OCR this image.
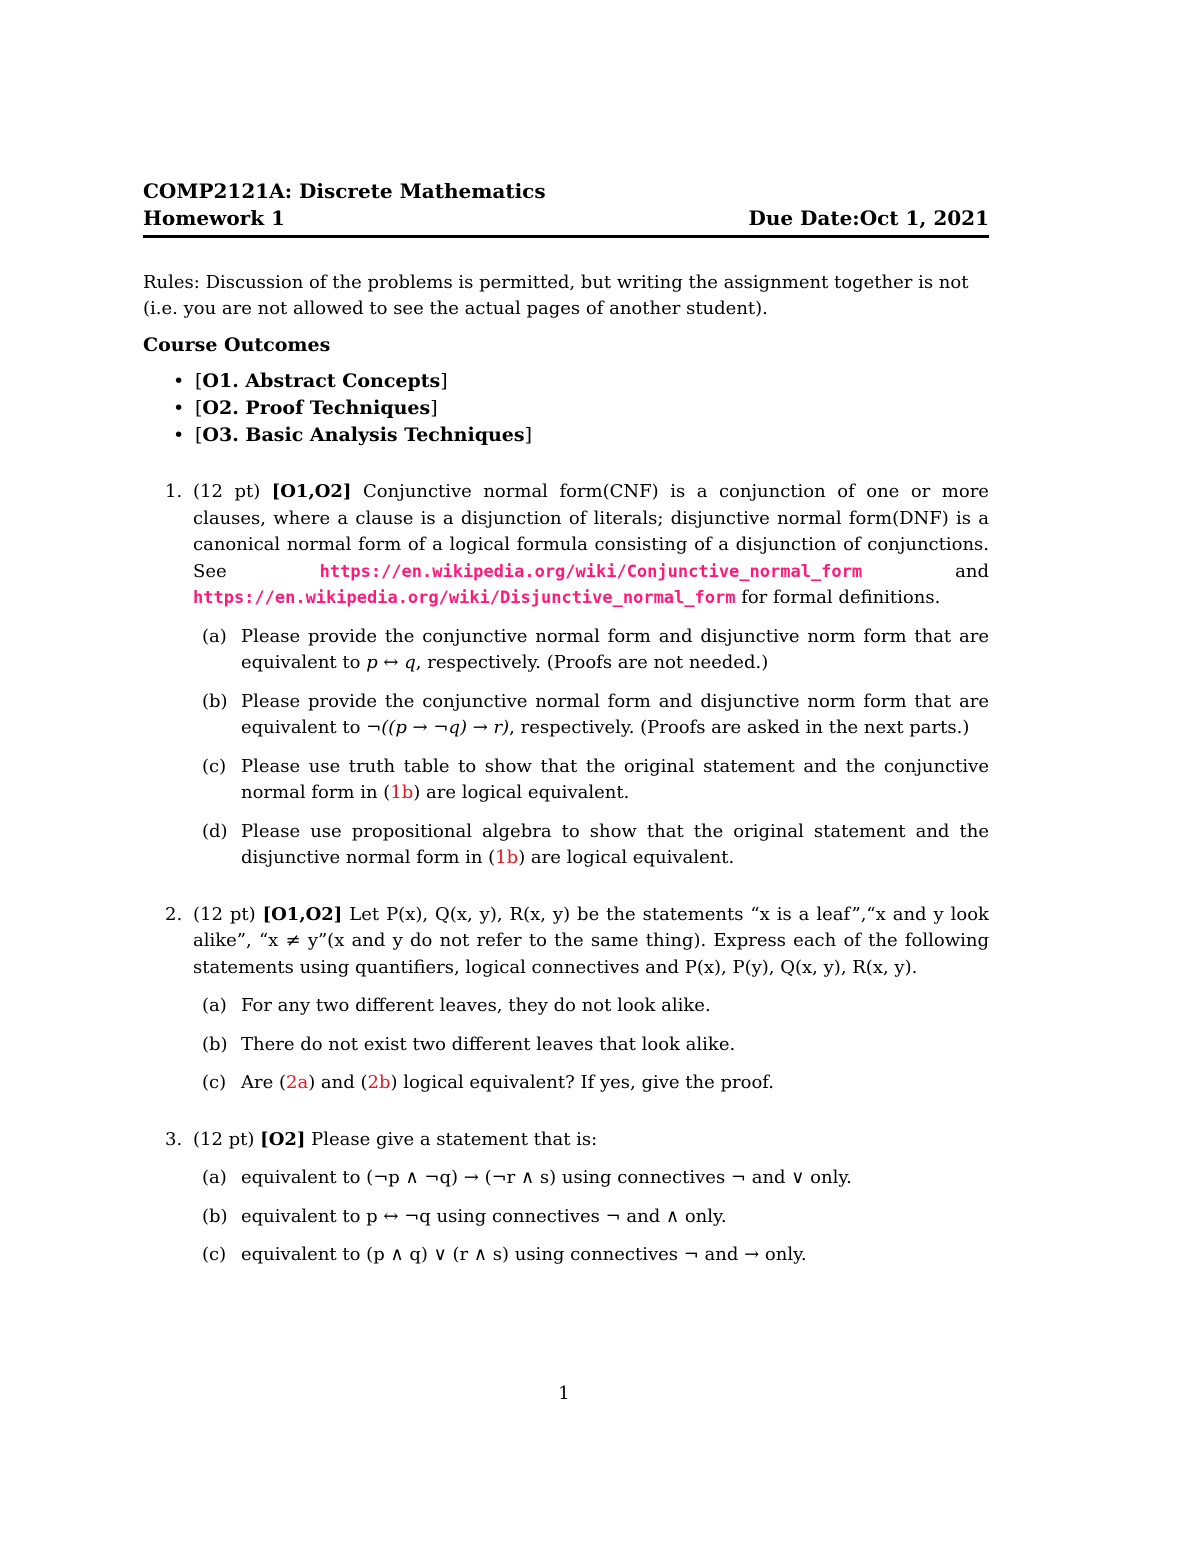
COMP2121A: Discrete Mathematics
Homework 1	Due Date:Oct 1, 2021
Rules: Discussion of the problems is permitted, but writing the assignment together is not (i.e. you are not allowed to see the actual pages of another student).
Course Outcomes
• [O1. Abstract Concepts]
• [O2. Proof Techniques]
• [O3. Basic Analysis Techniques]
1. (12 pt) [O1,O2] Conjunctive normal form(CNF) is a conjunction of one or more clauses, where a clause is a disjunction of literals; disjunctive normal form(DNF) is a canonical normal form of a logical formula consisting of a disjunction of conjunctions. See	https://en.wikipedia.org/wiki/Conjunctive_normal_form	and https://en.wikipedia.org/wiki/Disjunctive_normal_form for formal definitions.
(a) Please provide the conjunctive normal form and disjunctive norm form that are equivalent to p ↔ q, respectively. (Proofs are not needed.)
(b) Please provide the conjunctive normal form and disjunctive norm form that are equivalent to ¬((p → ¬q) → r), respectively. (Proofs are asked in the next parts.)
(c) Please use truth table to show that the original statement and the conjunctive normal form in (1b) are logical equivalent.
(d) Please use propositional algebra to show that the original statement and the disjunctive normal form in (1b) are logical equivalent.
2. (12 pt) [O1,O2] Let P(x), Q(x, y), R(x, y) be the statements “x is a leaf”,“x and y look alike”, “x ≠ y”(x and y do not refer to the same thing). Express each of the following statements using quantifiers, logical connectives and P(x), P(y), Q(x, y), R(x, y).
(a) For any two different leaves, they do not look alike.
(b) There do not exist two different leaves that look alike.
(c) Are (2a) and (2b) logical equivalent? If yes, give the proof.
3. (12 pt) [O2] Please give a statement that is:
(a) equivalent to (¬p ∧ ¬q) → (¬r ∧ s) using connectives ¬ and ∨ only.
(b) equivalent to p ↔ ¬q using connectives ¬ and ∧ only.
(c) equivalent to (p ∧ q) ∨ (r ∧ s) using connectives ¬ and → only.
1
